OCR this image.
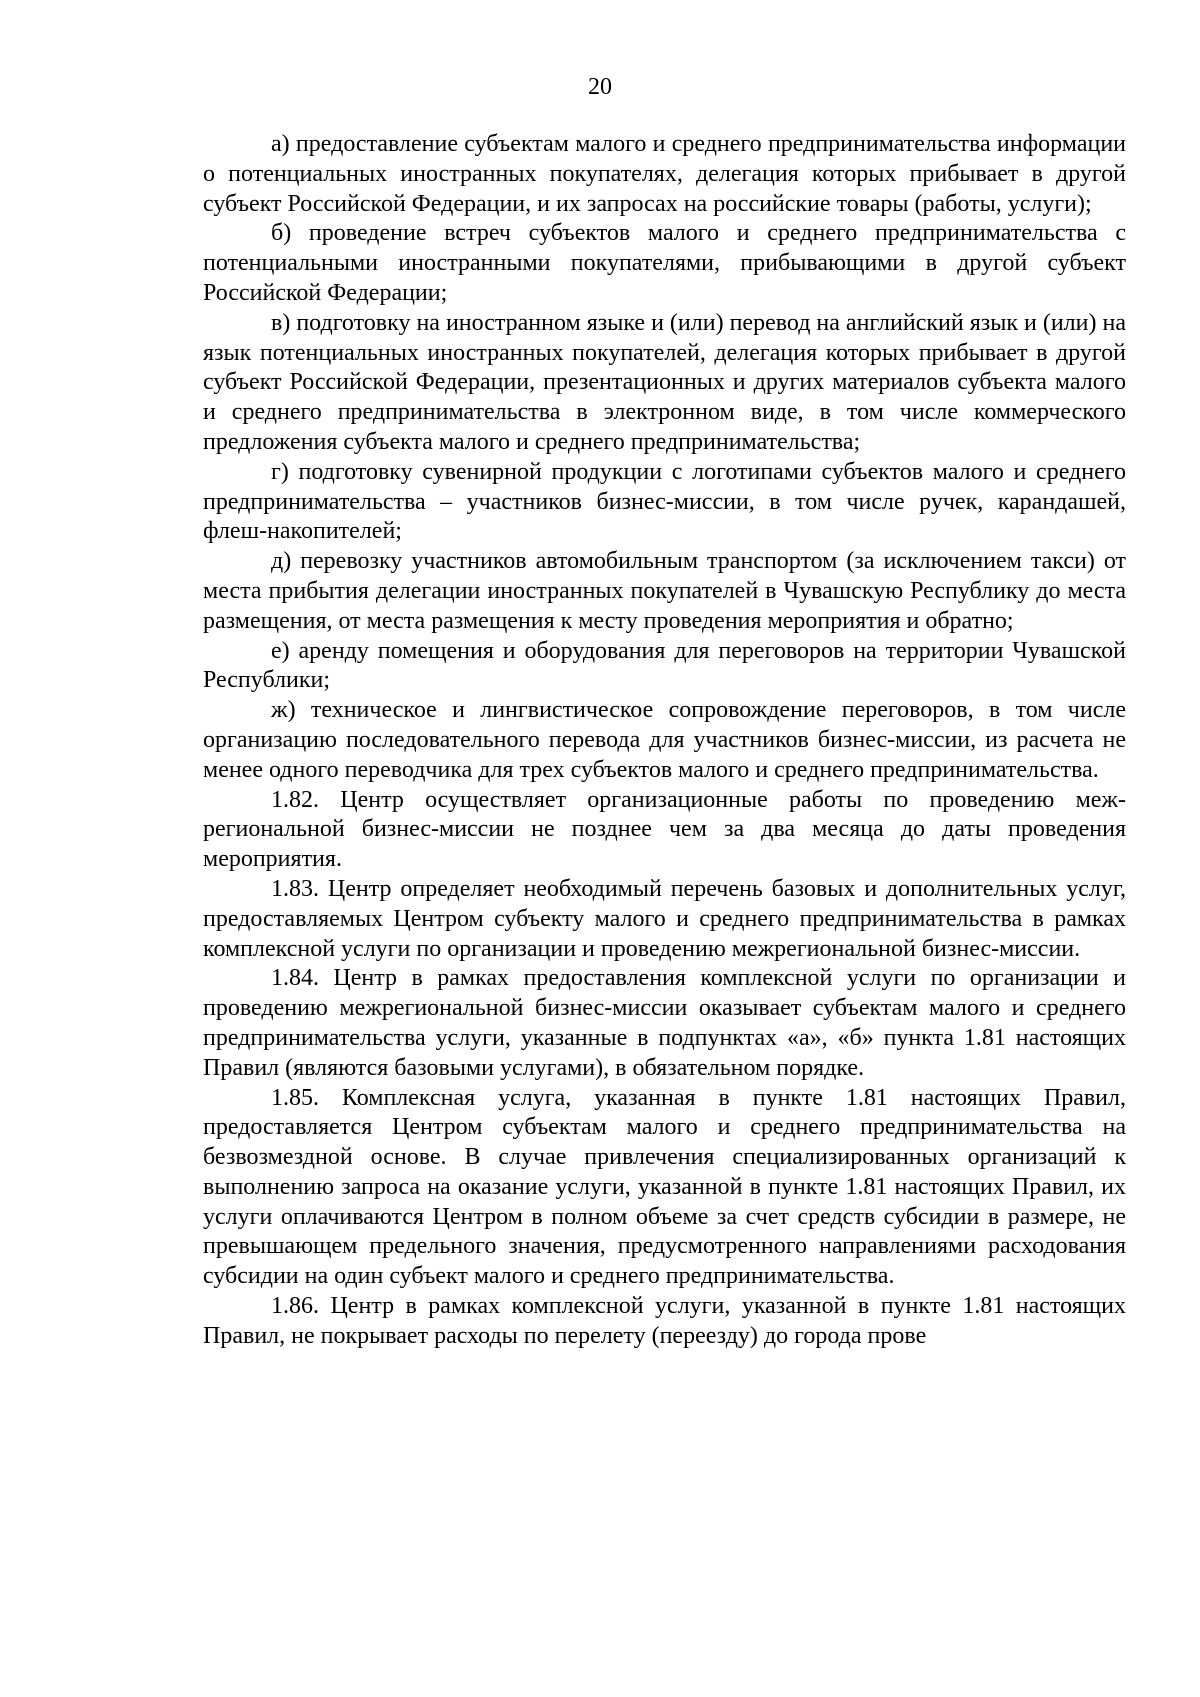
20

а) предоставление субъектам малого и среднего предпринимательства информации о потенциальных иностранных покупателях, делегация которых прибывает в другой субъект Российской Федерации, и их запросах на российские товары (работы, услуги);

б) проведение встреч субъектов малого и среднего предпринимательства с потенциальными иностранными покупателями, прибывающими в другой субъект Российской Федерации;

в) подготовку на иностранном языке и (или) перевод на английский язык и (или) на язык потенциальных иностранных покупателей, делегация которых прибывает в другой субъект Российской Федерации, презентационных и других материалов субъекта малого и среднего предпринимательства в электронном виде, в том числе коммерческого предложения субъекта малого и среднего предпринимательства;

г) подготовку сувенирной продукции с логотипами субъектов малого и среднего предпринимательства – участников бизнес-миссии, в том числе ручек, карандашей, флеш-накопителей;

д) перевозку участников автомобильным транспортом (за исключением такси) от места прибытия делегации иностранных покупателей в Чувашскую Республику до места размещения, от места размещения к месту проведения мероприятия и обратно;

е) аренду помещения и оборудования для переговоров на территории Чувашской Республики;

ж) техническое и лингвистическое сопровождение переговоров, в том числе организацию последовательного перевода для участников бизнес-миссии, из расчета не менее одного переводчика для трех субъектов малого и среднего предпринимательства.

1.82. Центр осуществляет организационные работы по проведению межрегиональной бизнес-миссии не позднее чем за два месяца до даты проведения мероприятия.

1.83. Центр определяет необходимый перечень базовых и дополнительных услуг, предоставляемых Центром субъекту малого и среднего предпринимательства в рамках комплексной услуги по организации и проведению межрегиональной бизнес-миссии.

1.84. Центр в рамках предоставления комплексной услуги по организации и проведению межрегиональной бизнес-миссии оказывает субъектам малого и среднего предпринимательства услуги, указанные в подпунктах «а», «б» пункта 1.81 настоящих Правил (являются базовыми услугами), в обязательном порядке.

1.85. Комплексная услуга, указанная в пункте 1.81 настоящих Правил, предоставляется Центром субъектам малого и среднего предпринимательства на безвозмездной основе. В случае привлечения специализированных организаций к выполнению запроса на оказание услуги, указанной в пункте 1.81 настоящих Правил, их услуги оплачиваются Центром в полном объеме за счет средств субсидии в размере, не превышающем предельного значения, предусмотренного направлениями расходования субсидии на один субъект малого и среднего предпринимательства.

1.86. Центр в рамках комплексной услуги, указанной в пункте 1.81 настоящих Правил, не покрывает расходы по перелету (переезду) до города прове
